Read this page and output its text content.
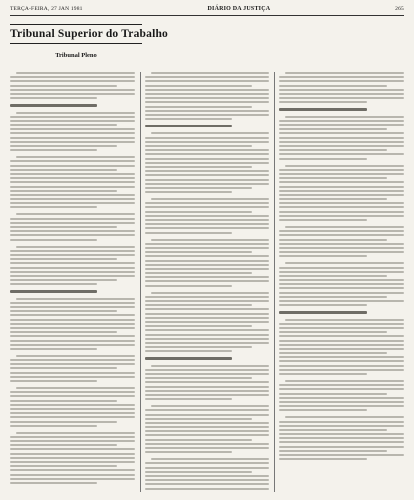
TERÇA-FEIRA, 27 JAN 1981	DIÁRIO DA JUSTIÇA	265
Tribunal Superior do Trabalho
Tribunal Pleno
